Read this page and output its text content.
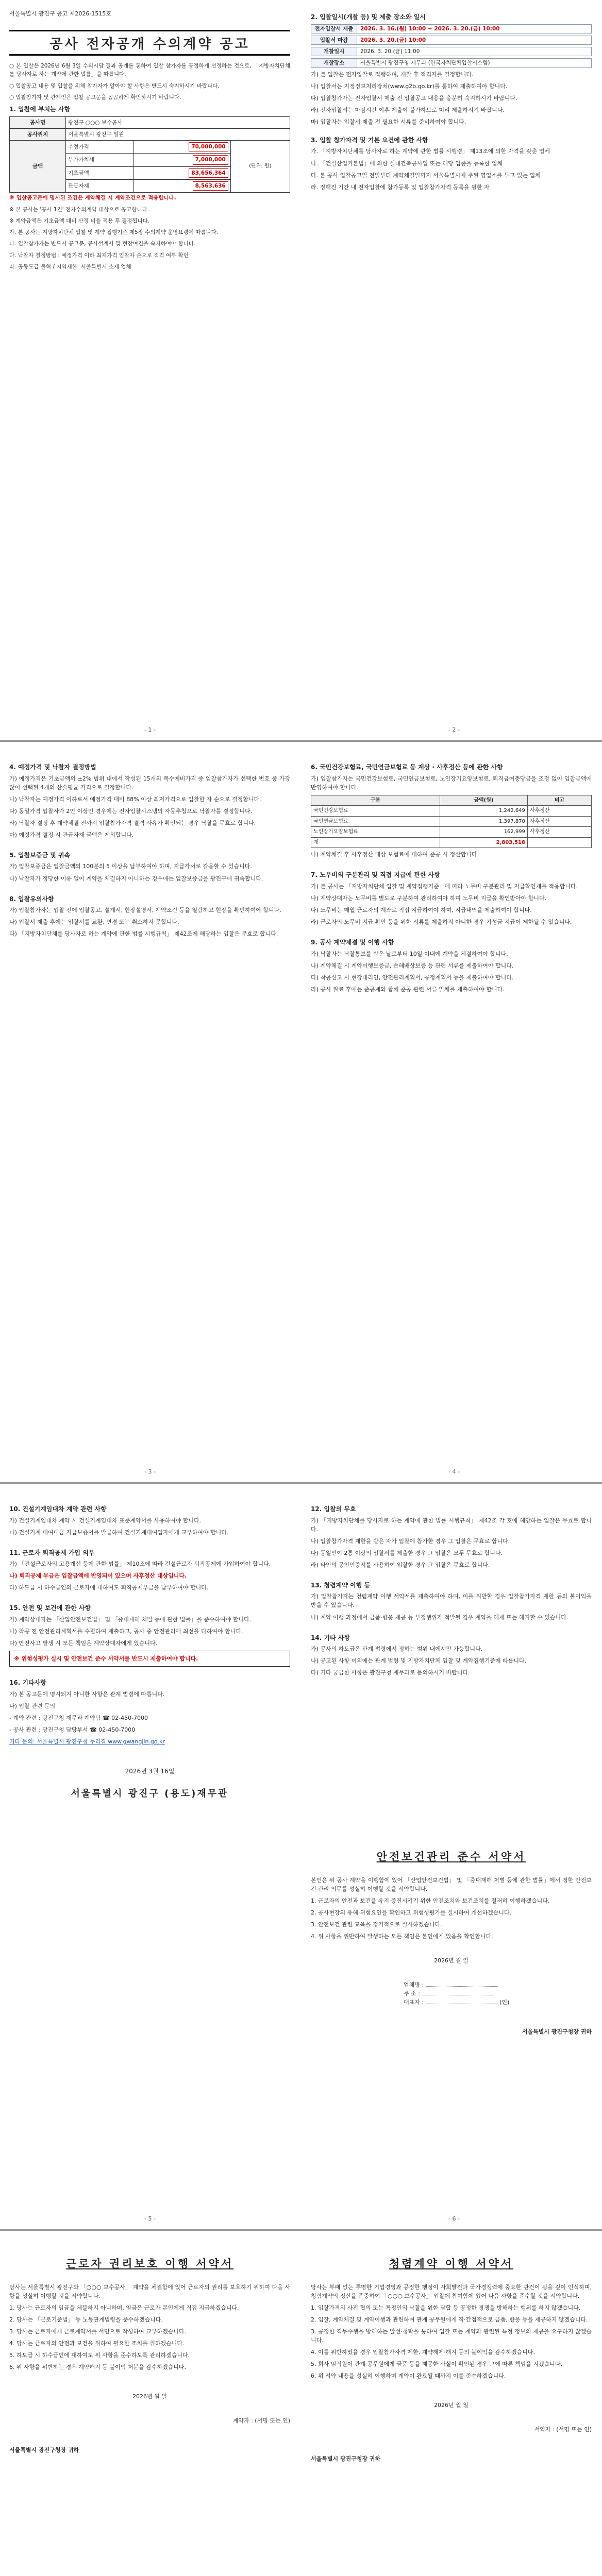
서울특별시 광진구 공고 제2026-1515호
공사 전자공개 수의계약 공고
○ 본 입찰은 2026년 6월 3일 수의시담 결과 공개를 통하여 입찰 참가자를 공정하게 선정하는 것으로, 「지방자치단체를 당사자로 하는 계약에 관한 법률」을 따릅니다.
○ 입찰공고 내용 및 입찰을 위해 참가자가 알아야 할 사항은 반드시 숙지하시기 바랍니다.
○ 입찰참가자 및 관계인은 입찰 공고문을 꼼꼼하게 확인하시기 바랍니다.
1. 입찰에 부치는 사항
공사명	광진구 ○○○ 보수공사		
공사위치	서울특별시 광진구 일원		
금액	추정가격	70,000,000	(단위: 원)
	부가가치세	7,000,000	
	기초금액	83,656,364	
	관급자재	8,563,636	
※ 입찰공고문에 명시된 조건은 계약체결 시 계약조건으로 적용합니다.
※ 본 공사는 '공사 1건' 전자수의계약 대상으로 공고합니다.
※ 계약금액은 기초금액 대비 산정 비율 적용 후 결정됩니다.
가. 본 공사는 지방자치단체 입찰 및 계약 집행기준 제5장 수의계약 운영요령에 따릅니다.
나. 입찰참가자는 반드시 공고문, 공사설계서 및 현장여건을 숙지하여야 합니다.
다. 낙찰자 결정방법 : 예정가격 이하 최저가격 입찰자 순으로 적격 여부 확인
라. 공동도급 불허 / 지역제한: 서울특별시 소재 업체
2. 입찰일시(개찰 등) 및 제출 장소와 일시
전자입찰서 제출	2026. 3. 16.(월) 10:00 ~ 2026. 3. 20.(금) 10:00
입찰서 마감	2026. 3. 20.(금) 10:00
개찰일시	2026. 3. 20.(금) 11:00
개찰장소	서울특별시 광진구청 재무과 (한국자치단체입찰시스템)
가) 본 입찰은 전자입찰로 집행하며, 개찰 후 적격자를 결정합니다.
나) 입찰서는 지정정보처리장치(www.g2b.go.kr)를 통하여 제출하여야 합니다.
다) 입찰참가자는 전자입찰서 제출 전 입찰공고 내용을 충분히 숙지하시기 바랍니다.
라) 전자입찰서는 마감시간 이후 제출이 불가하므로 미리 제출하시기 바랍니다.
마) 입찰자는 입찰서 제출 전 필요한 서류를 준비하여야 합니다.
3. 입찰 참가자격 및 기본 요건에 관한 사항
가. 「지방자치단체를 당사자로 하는 계약에 관한 법률 시행령」 제13조에 의한 자격을 갖춘 업체
나. 「건설산업기본법」에 의한 실내건축공사업 또는 해당 업종을 등록한 업체
다. 본 공사 입찰공고일 전일부터 계약체결일까지 서울특별시에 주된 영업소를 두고 있는 업체
라. 정해진 기간 내 전자입찰에 참가등록 및 입찰참가자격 등록을 필한 자
- 1 -	- 2 -
4. 예정가격 및 낙찰자 결정방법
가) 예정가격은 기초금액의 ±2% 범위 내에서 작성된 15개의 복수예비가격 중 입찰참가자가 선택한 번호 중 가장 많이 선택된 4개의 산술평균 가격으로 결정합니다.
나) 낙찰자는 예정가격 이하로서 예정가격 대비 88% 이상 최저가격으로 입찰한 자 순으로 결정합니다.
다) 동일가격 입찰자가 2인 이상인 경우에는 전자입찰시스템의 자동추첨으로 낙찰자를 결정합니다.
라) 낙찰자 결정 후 계약체결 전까지 입찰참가자격 결격 사유가 확인되는 경우 낙찰을 무효로 합니다.
마) 예정가격 결정 시 관급자재 금액은 제외합니다.
5. 입찰보증금 및 귀속
가) 입찰보증금은 입찰금액의 100분의 5 이상을 납부하여야 하며, 지급각서로 갈음할 수 있습니다.
나) 낙찰자가 정당한 이유 없이 계약을 체결하지 아니하는 경우에는 입찰보증금을 광진구에 귀속합니다.
8. 입찰유의사항
가) 입찰참가자는 입찰 전에 입찰공고, 설계서, 현장설명서, 계약조건 등을 열람하고 현장을 확인하여야 합니다.
나) 입찰서 제출 후에는 입찰서를 교환, 변경 또는 취소하지 못합니다.
다) 「지방자치단체를 당사자로 하는 계약에 관한 법률 시행규칙」 제42조에 해당하는 입찰은 무효로 합니다.
6. 국민건강보험료, 국민연금보험료 등 계상 · 사후정산 등에 관한 사항
가) 입찰참가자는 국민건강보험료, 국민연금보험료, 노인장기요양보험료, 퇴직급여충당금을 조정 없이 입찰금액에 반영하여야 합니다.
구분	금액(원)	비고
국민건강보험료	1,242,649	사후정산
국민연금보험료	1,397,870	사후정산
노인장기요양보험료	162,999	사후정산
계	2,803,518	
나) 계약체결 후 사후정산 대상 보험료에 대하여 준공 시 정산합니다.
7. 노무비의 구분관리 및 직접 지급에 관한 사항
가) 본 공사는 「지방자치단체 입찰 및 계약집행기준」에 따라 노무비 구분관리 및 지급확인제를 적용합니다.
나) 계약상대자는 노무비를 별도로 구분하여 관리하여야 하며 노무비 지급을 확인받아야 합니다.
다) 노무비는 매월 근로자의 계좌로 직접 지급하여야 하며, 지급내역을 제출하여야 합니다.
라) 근로자의 노무비 지급 확인 등을 위한 서류를 제출하지 아니한 경우 기성금 지급이 제한될 수 있습니다.
9. 공사 계약체결 및 이행 사항
가) 낙찰자는 낙찰통보를 받은 날로부터 10일 이내에 계약을 체결하여야 합니다.
나) 계약체결 시 계약이행보증금, 손해배상보증 등 관련 서류를 제출하여야 합니다.
다) 착공신고 시 현장대리인, 안전관리계획서, 공정계획서 등을 제출하여야 합니다.
라) 공사 완료 후에는 준공계와 함께 준공 관련 서류 일체를 제출하여야 합니다.
- 3 -	- 4 -
10. 건설기계임대차 계약 관련 사항
가) 건설기계임대차 계약 시 건설기계임대차 표준계약서를 사용하여야 합니다.
나) 건설기계 대여대금 지급보증서를 발급하여 건설기계대여업자에게 교부하여야 합니다.
11. 근로자 퇴직공제 가입 의무
가) 「건설근로자의 고용개선 등에 관한 법률」 제10조에 따라 건설근로자 퇴직공제에 가입하여야 합니다.
나) 퇴직공제 부금은 입찰금액에 반영되어 있으며 사후정산 대상입니다.
다) 하도급 시 하수급인의 근로자에 대하여도 퇴직공제부금을 납부하여야 합니다.
15. 안전 및 보건에 관한 사항
가) 계약상대자는 「산업안전보건법」 및 「중대재해 처벌 등에 관한 법률」을 준수하여야 합니다.
나) 착공 전 안전관리계획서를 수립하여 제출하고, 공사 중 안전관리에 최선을 다하여야 합니다.
다) 안전사고 발생 시 모든 책임은 계약상대자에게 있습니다.
※ 위험성평가 실시 및 안전보건 준수 서약서를 반드시 제출하여야 합니다.
16. 기타사항
가) 본 공고문에 명시되지 아니한 사항은 관계 법령에 따릅니다.
나) 입찰 관련 문의
- 계약 관련 : 광진구청 재무과 계약팀 ☎ 02-450-7000
- 공사 관련 : 광진구청 담당부서 ☎ 02-450-7000
기타 문의: 서울특별시 광진구청 누리집 www.gwangjin.go.kr
2026년 3월 16일
서울특별시 광진구 (용도)재무관
12. 입찰의 무효
가) 「지방자치단체를 당사자로 하는 계약에 관한 법률 시행규칙」 제42조 각 호에 해당하는 입찰은 무효로 합니다.
나) 입찰참가자격 제한을 받은 자가 입찰에 참가한 경우 그 입찰은 무효로 합니다.
다) 동일인이 2통 이상의 입찰서를 제출한 경우 그 입찰은 모두 무효로 합니다.
라) 타인의 공인인증서를 사용하여 입찰한 경우 그 입찰은 무효로 합니다.
13. 청렴계약 이행 등
가) 입찰참가자는 청렴계약 이행 서약서를 제출하여야 하며, 이를 위반할 경우 입찰참가자격 제한 등의 불이익을 받을 수 있습니다.
나) 계약 이행 과정에서 금품·향응 제공 등 부정행위가 적발될 경우 계약을 해제 또는 해지할 수 있습니다.
14. 기타 사항
가) 공사의 하도급은 관계 법령에서 정하는 범위 내에서만 가능합니다.
나) 공고된 사항 이외에는 관계 법령 및 지방자치단체 입찰 및 계약집행기준에 따릅니다.
다) 기타 궁금한 사항은 광진구청 재무과로 문의하시기 바랍니다.
안전보건관리 준수 서약서
본인은 위 공사 계약을 이행함에 있어 「산업안전보건법」 및 「중대재해 처벌 등에 관한 법률」에서 정한 안전보건 관리 의무를 성실히 이행할 것을 서약합니다.
1. 근로자의 안전과 보건을 유지·증진시키기 위한 안전조치와 보건조치를 철저히 이행하겠습니다.
2. 공사현장의 유해·위험요인을 확인하고 위험성평가를 실시하여 개선하겠습니다.
3. 안전보건 관련 교육을 정기적으로 실시하겠습니다.
4. 위 사항을 위반하여 발생하는 모든 책임은 본인에게 있음을 확인합니다.
2026년 월 일
업체명 :
주 소 :
대표자 :	(인)
서울특별시 광진구청장 귀하
- 5 -	- 6 -
근로자 권리보호 이행 서약서
당사는 서울특별시 광진구와 「○○○ 보수공사」 계약을 체결함에 있어 근로자의 권리를 보호하기 위하여 다음 사항을 성실히 이행할 것을 서약합니다.
1. 당사는 근로자의 임금을 체불하지 아니하며, 임금은 근로자 본인에게 직접 지급하겠습니다.
2. 당사는 「근로기준법」 등 노동관계법령을 준수하겠습니다.
3. 당사는 근로자에게 근로계약서를 서면으로 작성하여 교부하겠습니다.
4. 당사는 근로자의 안전과 보건을 위하여 필요한 조치를 취하겠습니다.
5. 하도급 시 하수급인에 대하여도 위 사항을 준수하도록 관리하겠습니다.
6. 위 사항을 위반하는 경우 계약해지 등 불이익 처분을 감수하겠습니다.
2026년 월 일
계약자 : (서명 또는 인)
서울특별시 광진구청장 귀하
청렴계약 이행 서약서
당사는 부패 없는 투명한 기업경영과 공정한 행정이 사회발전과 국가경쟁력에 중요한 관건이 됨을 깊이 인식하며, 청렴계약의 정신을 존중하여 「○○○ 보수공사」 입찰에 참여함에 있어 다음 사항을 준수할 것을 서약합니다.
1. 입찰가격의 사전 협의 또는 특정인의 낙찰을 위한 담합 등 공정한 경쟁을 방해하는 행위를 하지 않겠습니다.
2. 입찰, 계약체결 및 계약이행과 관련하여 관계 공무원에게 직·간접적으로 금품, 향응 등을 제공하지 않겠습니다.
3. 공정한 직무수행을 방해하는 알선·청탁을 통하여 입찰 또는 계약과 관련된 특정 정보의 제공을 요구하지 않겠습니다.
4. 이를 위반하였을 경우 입찰참가자격 제한, 계약해제·해지 등의 불이익을 감수하겠습니다.
5. 회사 임직원이 관계 공무원에게 금품 등을 제공한 사실이 확인된 경우 그에 따른 책임을 지겠습니다.
6. 위 서약 내용을 성실히 이행하며 계약이 완료될 때까지 이를 준수하겠습니다.
2026년 월 일
서약자 : (서명 또는 인)
서울특별시 광진구청장 귀하
